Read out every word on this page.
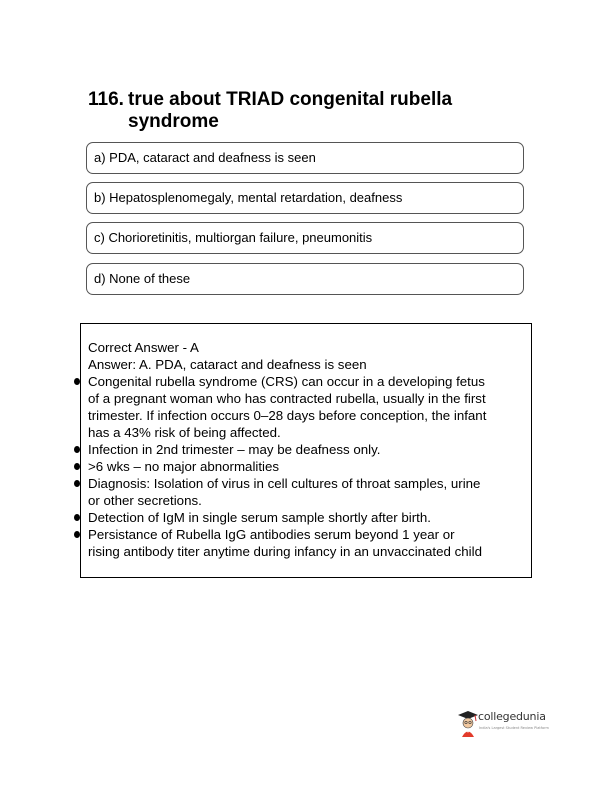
116. true about TRIAD congenital rubella
syndrome
a) PDA, cataract and deafness is seen
b) Hepatosplenomegaly, mental retardation, deafness
c) Chorioretinitis, multiorgan failure, pneumonitis
d) None of these
Correct Answer - A
Answer: A. PDA, cataract and deafness is seen
Congenital rubella syndrome (CRS) can occur in a developing fetus
of a pregnant woman who has contracted rubella, usually in the first
trimester. If infection occurs 0–28 days before conception, the infant
has a 43% risk of being affected.
Infection in 2nd trimester – may be deafness only.
>6 wks – no major abnormalities
Diagnosis: Isolation of virus in cell cultures of throat samples, urine
or other secretions.
Detection of IgM in single serum sample shortly after birth.
Persistance of Rubella IgG antibodies serum beyond 1 year or
rising antibody titer anytime during infancy in an unvaccinated child
collegedunia
India's Largest Student Review Platform
